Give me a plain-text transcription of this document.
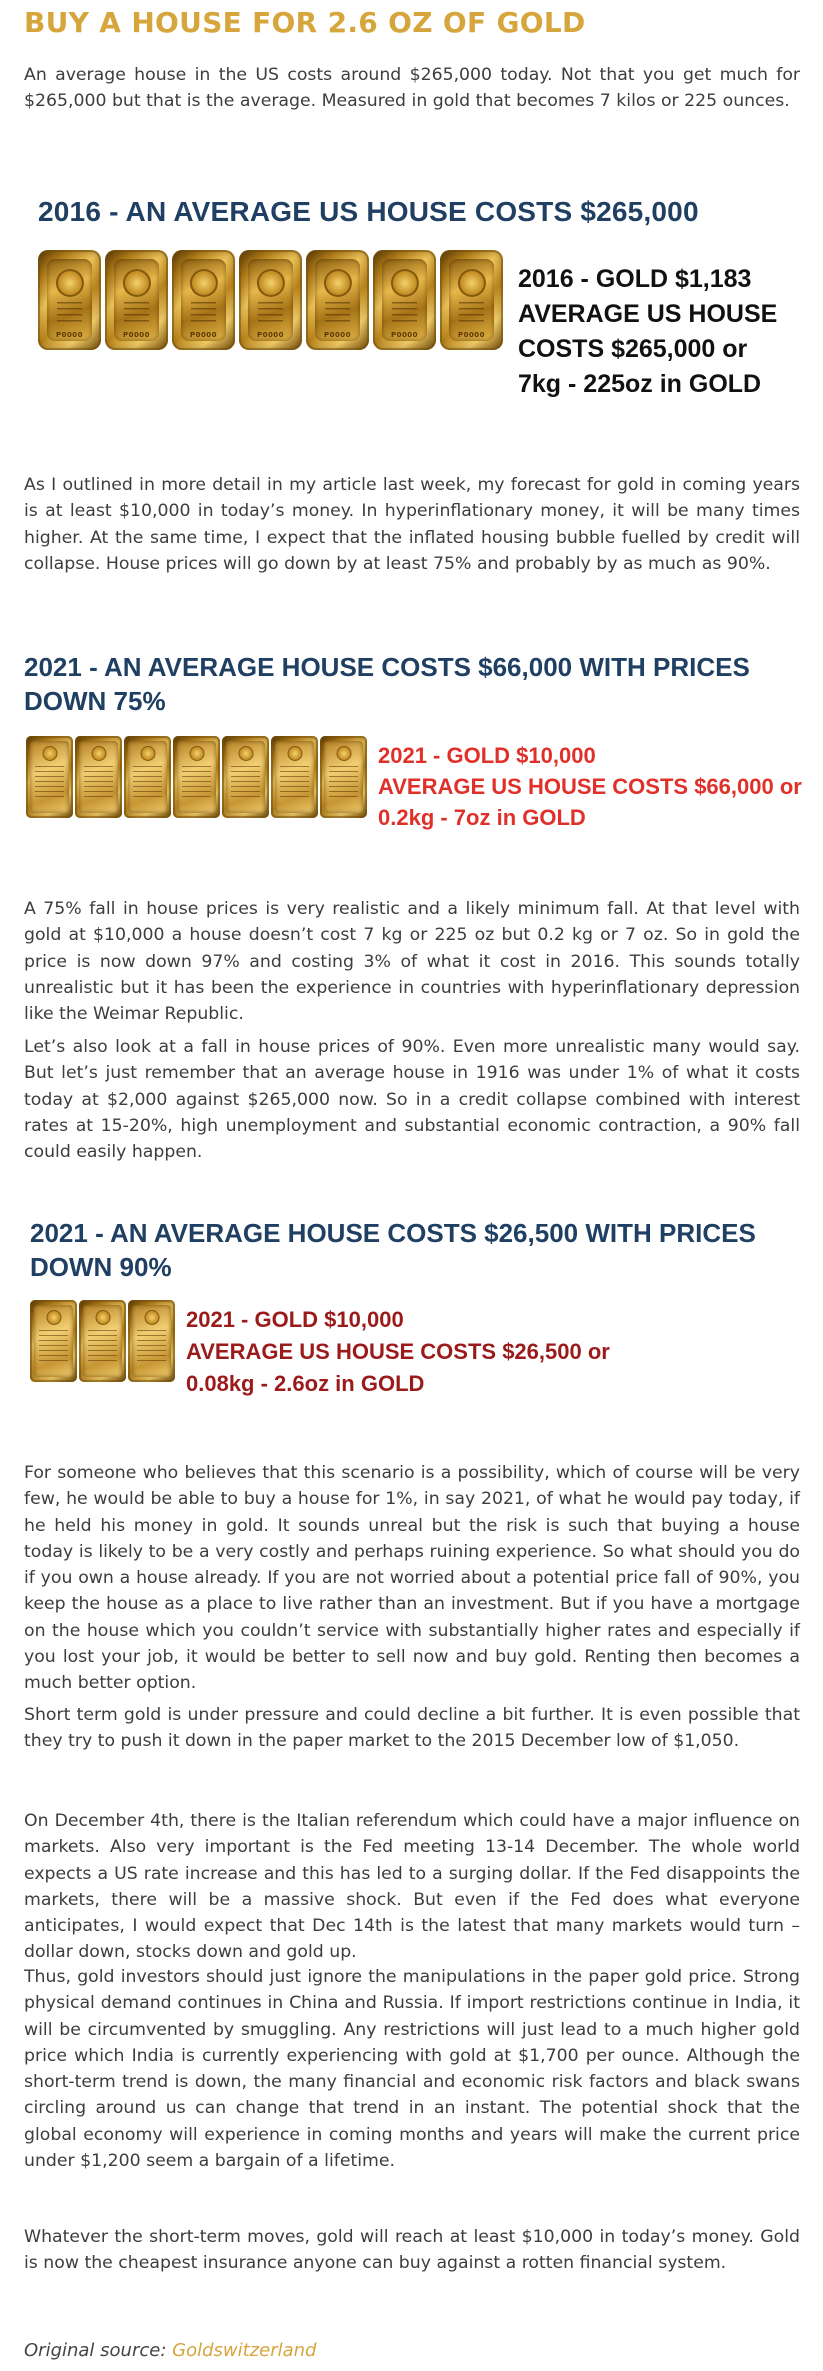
BUY A HOUSE FOR 2.6 OZ OF GOLD

An average house in the US costs around $265,000 today. Not that you get much for $265,000 but that is the average. Measured in gold that becomes 7 kilos or 225 ounces.

2016 - AN AVERAGE US HOUSE COSTS $265,000
P0000	P0000	P0000	P0000	P0000	P0000	P0000
2016 - GOLD $1,183
AVERAGE US HOUSE
COSTS $265,000 or
7kg - 225oz in GOLD

As I outlined in more detail in my article last week, my forecast for gold in coming years is at least $10,000 in today’s money. In hyperinflationary money, it will be many times higher. At the same time, I expect that the inflated housing bubble fuelled by credit will collapse. House prices will go down by at least 75% and probably by as much as 90%.

2021 - AN AVERAGE HOUSE COSTS $66,000 WITH PRICES
DOWN 75%
2021 - GOLD $10,000
AVERAGE US HOUSE COSTS $66,000 or
0.2kg - 7oz in GOLD

A 75% fall in house prices is very realistic and a likely minimum fall. At that level with gold at $10,000 a house doesn’t cost 7 kg or 225 oz but 0.2 kg or 7 oz. So in gold the price is now down 97% and costing 3% of what it cost in 2016. This sounds totally unrealistic but it has been the experience in countries with hyperinflationary depression like the Weimar Republic.

Let’s also look at a fall in house prices of 90%. Even more unrealistic many would say. But let’s just remember that an average house in 1916 was under 1% of what it costs today at $2,000 against $265,000 now. So in a credit collapse combined with interest rates at 15-20%, high unemployment and substantial economic contraction, a 90% fall could easily happen.

2021 - AN AVERAGE HOUSE COSTS $26,500 WITH PRICES
DOWN 90%
2021 - GOLD $10,000
AVERAGE US HOUSE COSTS $26,500 or
0.08kg - 2.6oz in GOLD

For someone who believes that this scenario is a possibility, which of course will be very few, he would be able to buy a house for 1%, in say 2021, of what he would pay today, if he held his money in gold. It sounds unreal but the risk is such that buying a house today is likely to be a very costly and perhaps ruining experience. So what should you do if you own a house already. If you are not worried about a potential price fall of 90%, you keep the house as a place to live rather than an investment. But if you have a mortgage on the house which you couldn’t service with substantially higher rates and especially if you lost your job, it would be better to sell now and buy gold. Renting then becomes a much better option.

Short term gold is under pressure and could decline a bit further. It is even possible that they try to push it down in the paper market to the 2015 December low of $1,050.

On December 4th, there is the Italian referendum which could have a major influence on markets. Also very important is the Fed meeting 13-14 December. The whole world expects a US rate increase and this has led to a surging dollar. If the Fed disappoints the markets, there will be a massive shock. But even if the Fed does what everyone anticipates, I would expect that Dec 14th is the latest that many markets would turn – dollar down, stocks down and gold up.

Thus, gold investors should just ignore the manipulations in the paper gold price. Strong physical demand continues in China and Russia. If import restrictions continue in India, it will be circumvented by smuggling. Any restrictions will just lead to a much higher gold price which India is currently experiencing with gold at $1,700 per ounce. Although the short-term trend is down, the many financial and economic risk factors and black swans circling around us can change that trend in an instant. The potential shock that the global economy will experience in coming months and years will make the current price under $1,200 seem a bargain of a lifetime.

Whatever the short-term moves, gold will reach at least $10,000 in today’s money. Gold is now the cheapest insurance anyone can buy against a rotten financial system.

Original source: Goldswitzerland
